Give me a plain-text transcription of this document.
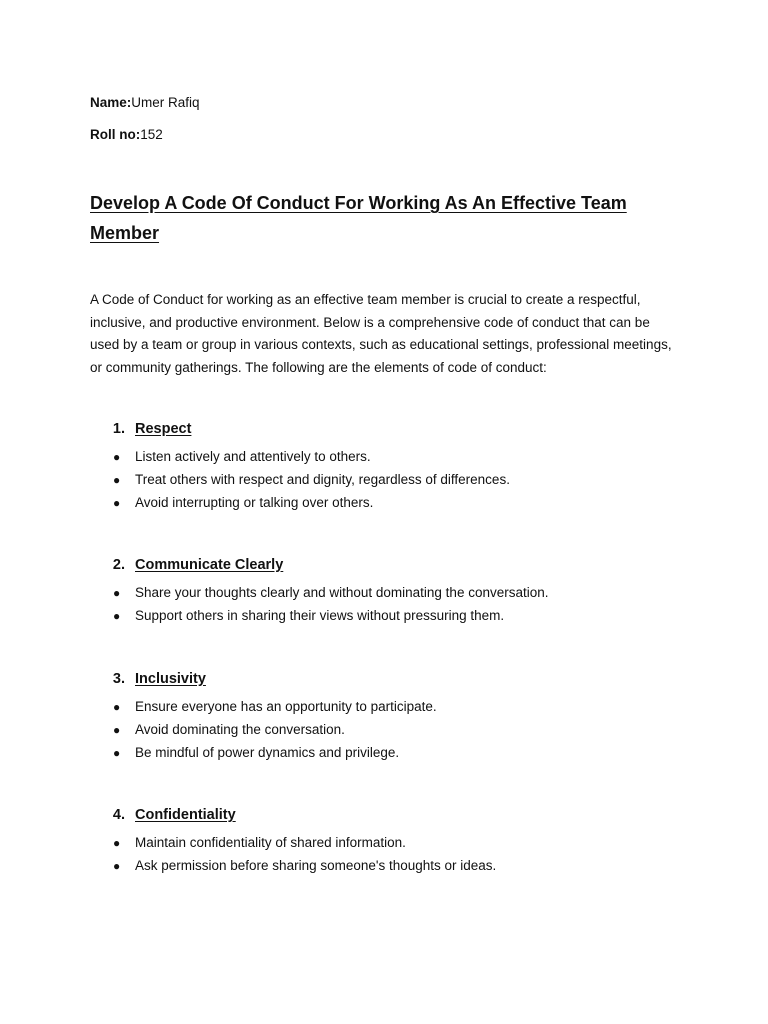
Name:Umer Rafiq
Roll no:152
Develop A Code Of Conduct For Working As An Effective Team Member

A Code of Conduct for working as an effective team member is crucial to create a respectful, inclusive, and productive environment. Below is a comprehensive code of conduct that can be used by a team or group in various contexts, such as educational settings, professional meetings, or community gatherings. The following are the elements of code of conduct:

1. Respect
●	Listen actively and attentively to others.
●	Treat others with respect and dignity, regardless of differences.
●	Avoid interrupting or talking over others.
2. Communicate Clearly
●	Share your thoughts clearly and without dominating the conversation.
●	Support others in sharing their views without pressuring them.
3. Inclusivity
●	Ensure everyone has an opportunity to participate.
●	Avoid dominating the conversation.
●	Be mindful of power dynamics and privilege.
4. Confidentiality
●	Maintain confidentiality of shared information.
●	Ask permission before sharing someone's thoughts or ideas.
